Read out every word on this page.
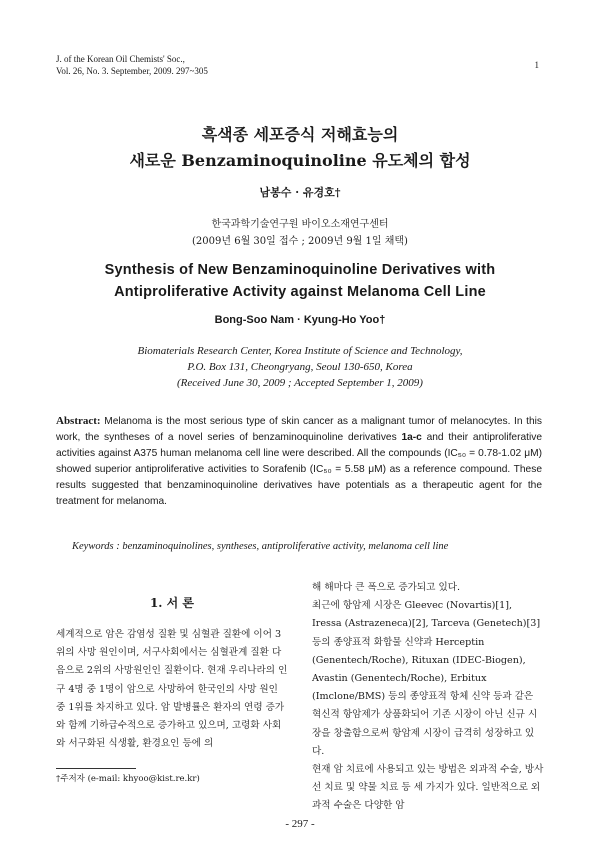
J. of the Korean Oil Chemists' Soc.,
Vol. 26, No. 3. September, 2009. 297~305
1
흑색종 세포증식 저해효능의
새로운 Benzaminoquinoline 유도체의 합성
남봉수 · 유경호†
한국과학기술연구원 바이오소재연구센터
(2009년 6월 30일 접수 ; 2009년 9월 1일 채택)
Synthesis of New Benzaminoquinoline Derivatives with
Antiproliferative Activity against Melanoma Cell Line
Bong-Soo Nam · Kyung-Ho Yoo†
Biomaterials Research Center, Korea Institute of Science and Technology,
P.O. Box 131, Cheongryang, Seoul 130-650, Korea
(Received June 30, 2009 ; Accepted September 1, 2009)
Abstract: Melanoma is the most serious type of skin cancer as a malignant tumor of melanocytes. In this work, the syntheses of a novel series of benzaminoquinoline derivatives 1a-c and their antiproliferative activities against A375 human melanoma cell line were described. All the compounds (IC₅₀ = 0.78-1.02 μM) showed superior antiproliferative activities to Sorafenib (IC₅₀ = 5.58 μM) as a reference compound. These results suggested that benzaminoquinoline derivatives have potentials as a therapeutic agent for the treatment for melanoma.
Keywords : benzaminoquinolines, syntheses, antiproliferative activity, melanoma cell line
1. 서 론

세계적으로 암은 감염성 질환 및 심혈관 질환에 이어 3위의 사망 원인이며, 서구사회에서는 심혈관계 질환 다음으로 2위의 사망원인인 질환이다. 현재 우리나라의 인구 4명 중 1명이 암으로 사망하여 한국인의 사망 원인 중 1위를 차지하고 있다. 암 발병률은 환자의 연령 증가와 함께 기하급수적으로 증가하고 있으며, 고령화 사회와 서구화된 식생활, 환경요인 등에 의

해 해마다 큰 폭으로 증가되고 있다.

최근에 항암제 시장은 Gleevec (Novartis)[1], Iressa (Astrazeneca)[2], Tarceva (Genetech)[3] 등의 종양표적 화합물 신약과 Herceptin (Genentech/Roche), Rituxan (IDEC-Biogen), Avastin (Genentech/Roche), Erbitux (Imclone/BMS) 등의 종양표적 항체 신약 등과 같은 혁신적 항암제가 상품화되어 기존 시장이 아닌 신규 시장을 창출함으로써 항암제 시장이 급격히 성장하고 있다.

현재 암 치료에 사용되고 있는 방법은 외과적 수술, 방사선 치료 및 약물 치료 등 세 가지가 있다. 일반적으로 외과적 수술은 다양한 암

†주저자 (e-mail: khyoo@kist.re.kr)
- 297 -
